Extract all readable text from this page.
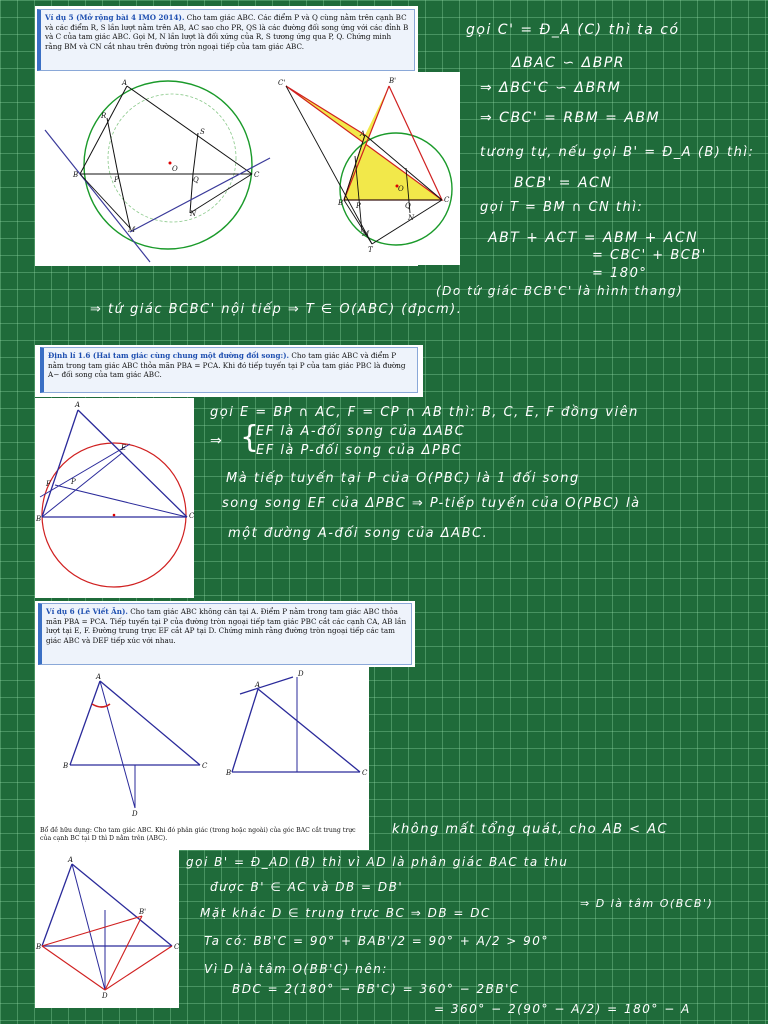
Ví dụ 5 (Mở rộng bài 4 IMO 2014). Cho tam giác ABC. Các điểm P và Q cùng nằm trên cạnh BC và các điểm R, S lần lượt nằm trên AB, AC sao cho PR, QS là các đường đối song ứng với các đỉnh B và C của tam giác ABC. Gọi M, N lần lượt là đối xứng của R, S tương ứng qua P, Q. Chứng minh rằng BM và CN cắt nhau trên đường tròn ngoại tiếp của tam giác ABC.
Định lí 1.6 (Hai tam giác cùng chung một đường đối song:). Cho tam giác ABC và điểm P nằm trong tam giác ABC thỏa mãn PBA = PCA. Khi đó tiếp tuyến tại P của tam giác PBC là đường A− đối song của tam giác ABC.
Ví dụ 6 (Lê Viết Ân). Cho tam giác ABC không cân tại A. Điểm P nằm trong tam giác ABC thỏa mãn PBA = PCA. Tiếp tuyến tại P của đường tròn ngoại tiếp tam giác PBC cắt các cạnh CA, AB lần lượt tại E, F. Đường trung trực EF cắt AP tại D. Chứng minh rằng đường tròn ngoại tiếp các tam giác ABC và DEF tiếp xúc với nhau.
Bổ đề hữu dụng: Cho tam giác ABC. Khi đó phân giác (trong hoặc ngoài) của góc BAC cắt trung trực của cạnh BC tại D thì D nằm trên (ABC).
A
R
S
B
P
O
Q
C
M
N
C'	B'
A
O
B P	Q
C
M
N
T
A
E
F	P
B	C
A
B	C
D
A
D
B	C
A
B'
B	C
D
gọi C' = Đ_A (C) thì ta có
ΔBAC ∽ ΔBPR
⇒ ΔBC'C ∽ ΔBRM
⇒ CBC' = RBM = ABM
tương tự, nếu gọi B' = Đ_A (B) thì:
BCB' = ACN
gọi T = BM ∩ CN thì:
ABT + ACT = ABM + ACN
= CBC' + BCB'
= 180°
(Do tứ giác BCB'C' là hình thang)
⇒ tứ giác BCBC' nội tiếp ⇒ T ∈ O(ABC) (đpcm).
gọi E = BP ∩ AC, F = CP ∩ AB thì: B, C, E, F đồng viên
⇒ {
EF là A-đối song của ΔABC
EF là P-đối song của ΔPBC
Mà tiếp tuyến tại P của O(PBC) là 1 đối song
song song EF của ΔPBC ⇒ P-tiếp tuyến của O(PBC) là
một đường A-đối song của ΔABC.
không mất tổng quát, cho AB < AC
gọi B' = Đ_AD (B) thì vì AD là phân giác BAC ta thu
được B' ∈ AC và DB = DB'
Mặt khác D ∈ trung trực BC ⇒ DB = DC
⇒ D là tâm O(BCB')
Ta có: BB'C = 90° + BAB'/2 = 90° + A/2 > 90°
Vì D là tâm O(BB'C) nên:
BDC = 2(180° − BB'C) = 360° − 2BB'C
= 360° − 2(90° − A/2) = 180° − A
